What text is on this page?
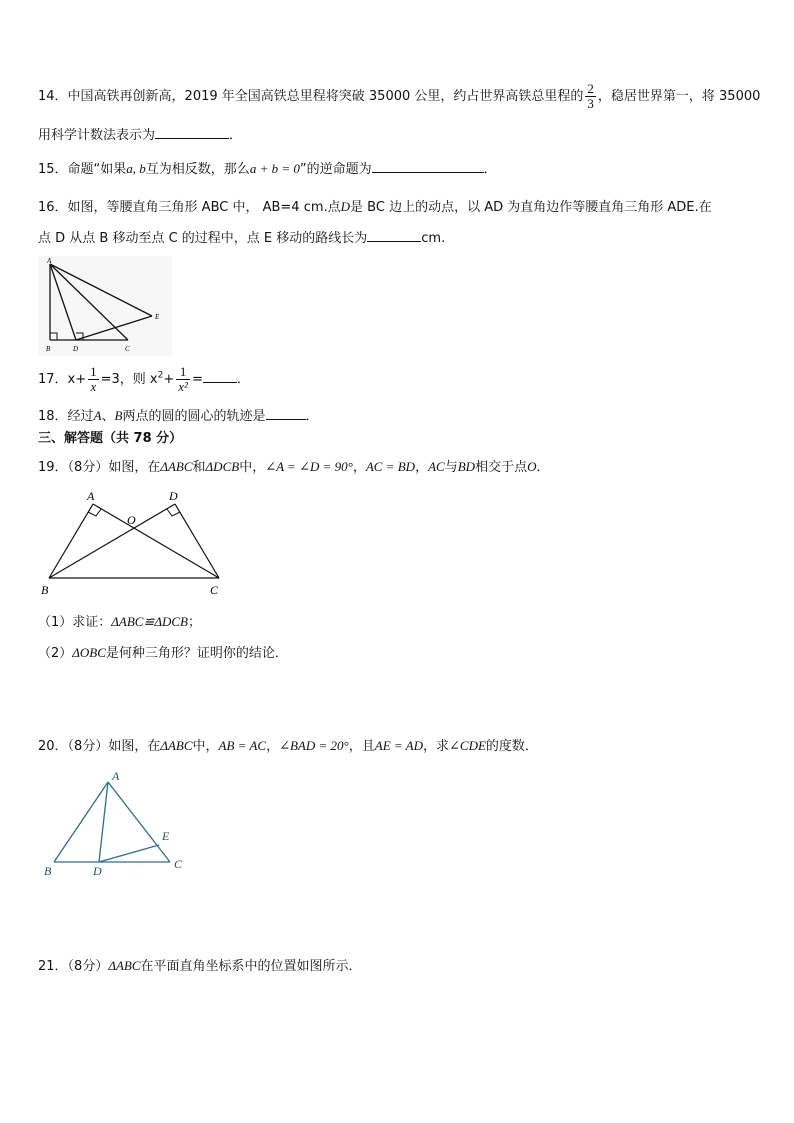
14．中国高铁再创新高，2019 年全国高铁总里程将突破 35000 公里，约占世界高铁总里程的 $\frac{2}{3}$ ，稳居世界第一，将 35000
用科学计数法表示为	．
15．命题“如果a, b互为相反数，那么a + b = 0”的逆命题为	．
16．如图，等腰直角三角形 ABC 中， AB=4 cm.点D是 BC 边上的动点，以 AD 为直角边作等腰直角三角形 ADE.在
点 D 从点 B 移动至点 C 的过程中，点 E 移动的路线长为	cm.
A
B	D	C
E
17．$x+ \frac{1}{x} =3$，则 $x^2+ \frac{1}{\text{x²}}$ =	．
18．经过A、B两点的圆的圆心的轨迹是	．
三、解答题（共 78 分）
19．（8分）如图，在ΔABC和ΔDCB中，∠A = ∠D = 90°，AC = BD，AC与BD相交于点O．
A	D
O
B	C
（1）求证：ΔABC≌ΔDCB；
（2）ΔOBC是何种三角形？证明你的结论．
20．（8分）如图，在ΔABC中，AB = AC，∠BAD = 20°，且AE = AD，求∠CDE的度数．
A
E
B	D	C
21．（8分）ΔABC在平面直角坐标系中的位置如图所示．
